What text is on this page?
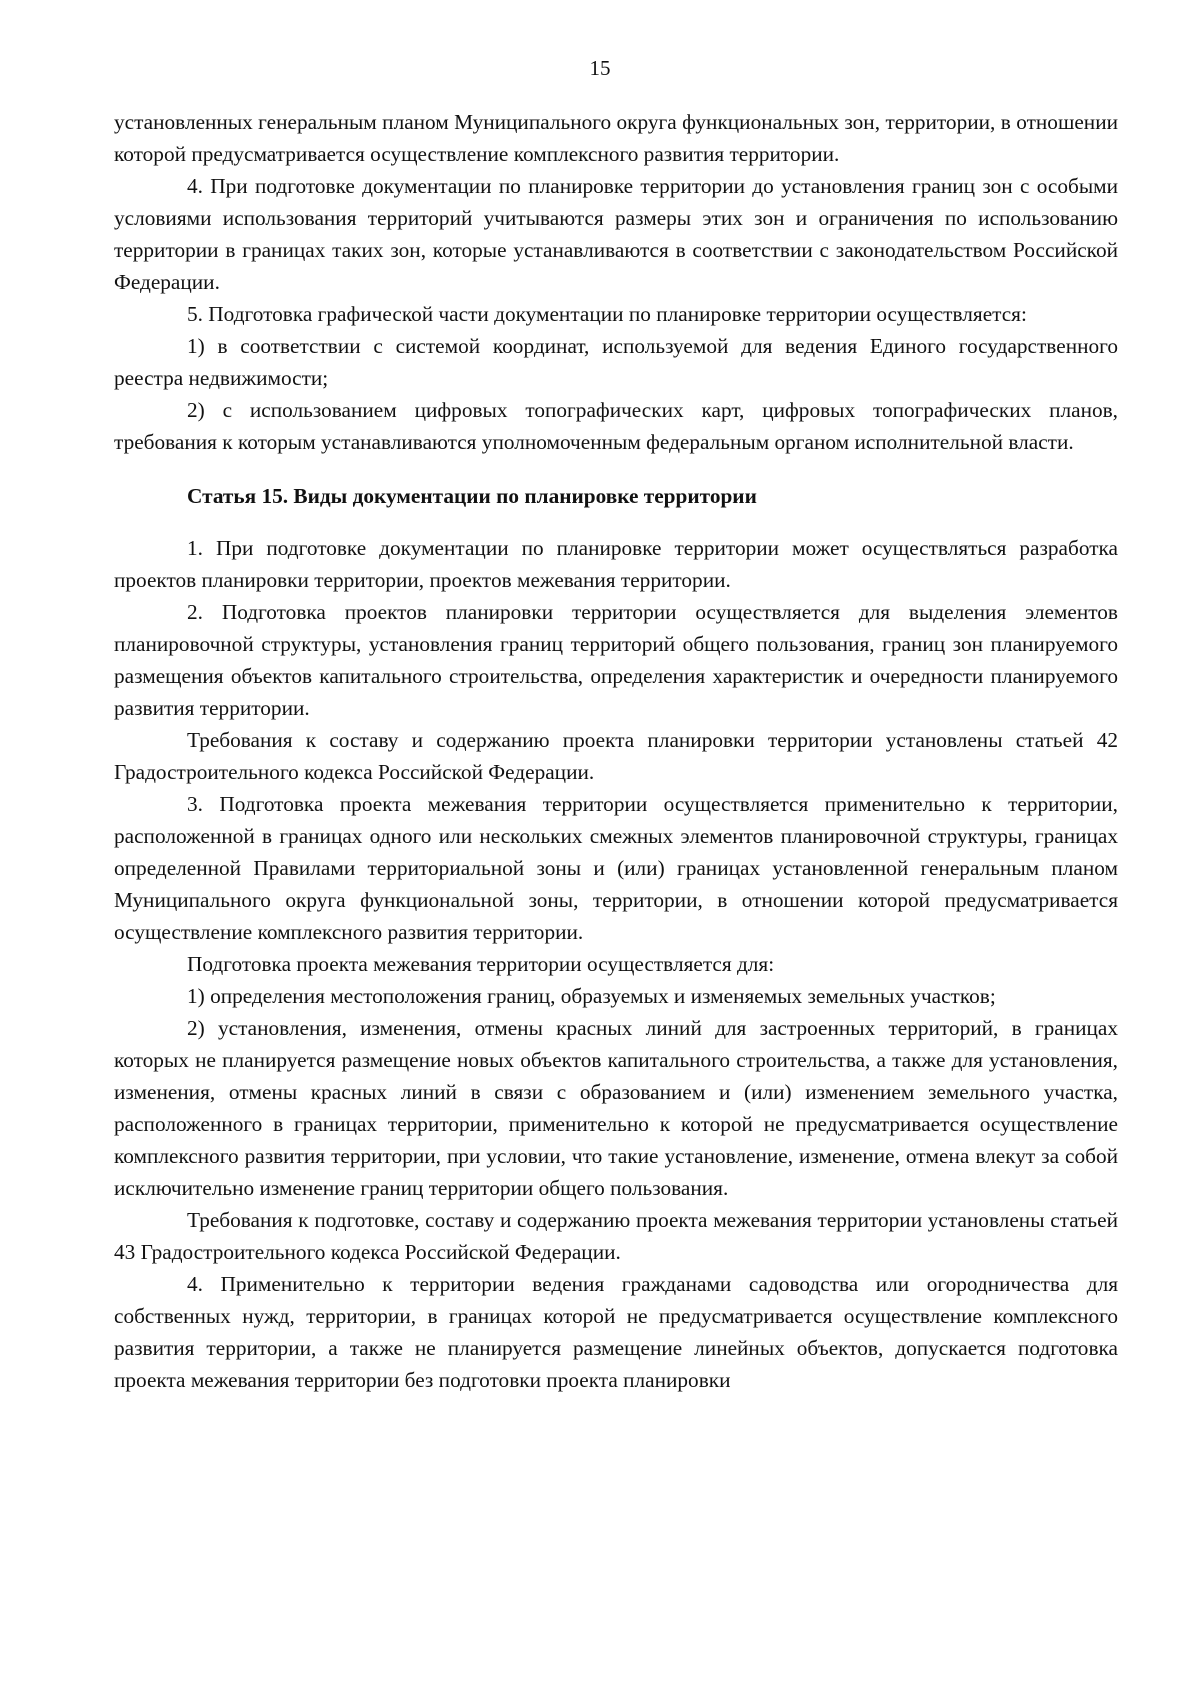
15

установленных генеральным планом Муниципального округа функциональных зон, территории, в отношении которой предусматривается осуществление комплексного развития территории.

4. При подготовке документации по планировке территории до установления границ зон с особыми условиями использования территорий учитываются размеры этих зон и ограничения по использованию территории в границах таких зон, которые устанавливаются в соответствии с законодательством Российской Федерации.

5. Подготовка графической части документации по планировке территории осуществляется:

1) в соответствии с системой координат, используемой для ведения Единого государственного реестра недвижимости;

2) с использованием цифровых топографических карт, цифровых топографических планов, требования к которым устанавливаются уполномоченным федеральным органом исполнительной власти.

Статья 15. Виды документации по планировке территории

1. При подготовке документации по планировке территории может осуществляться разработка проектов планировки территории, проектов межевания территории.

2. Подготовка проектов планировки территории осуществляется для выделения элементов планировочной структуры, установления границ территорий общего пользования, границ зон планируемого размещения объектов капитального строительства, определения характеристик и очередности планируемого развития территории.

Требования к составу и содержанию проекта планировки территории установлены статьей 42 Градостроительного кодекса Российской Федерации.

3. Подготовка проекта межевания территории осуществляется применительно к территории, расположенной в границах одного или нескольких смежных элементов планировочной структуры, границах определенной Правилами территориальной зоны и (или) границах установленной генеральным планом Муниципального округа функциональной зоны, территории, в отношении которой предусматривается осуществление комплексного развития территории.

Подготовка проекта межевания территории осуществляется для:

1) определения местоположения границ, образуемых и изменяемых земельных участков;

2) установления, изменения, отмены красных линий для застроенных территорий, в границах которых не планируется размещение новых объектов капитального строительства, а также для установления, изменения, отмены красных линий в связи с образованием и (или) изменением земельного участка, расположенного в границах территории, применительно к которой не предусматривается осуществление комплексного развития территории, при условии, что такие установление, изменение, отмена влекут за собой исключительно изменение границ территории общего пользования.

Требования к подготовке, составу и содержанию проекта межевания территории установлены статьей 43 Градостроительного кодекса Российской Федерации.

4. Применительно к территории ведения гражданами садоводства или огородничества для собственных нужд, территории, в границах которой не предусматривается осуществление комплексного развития территории, а также не планируется размещение линейных объектов, допускается подготовка проекта межевания территории без подготовки проекта планировки
